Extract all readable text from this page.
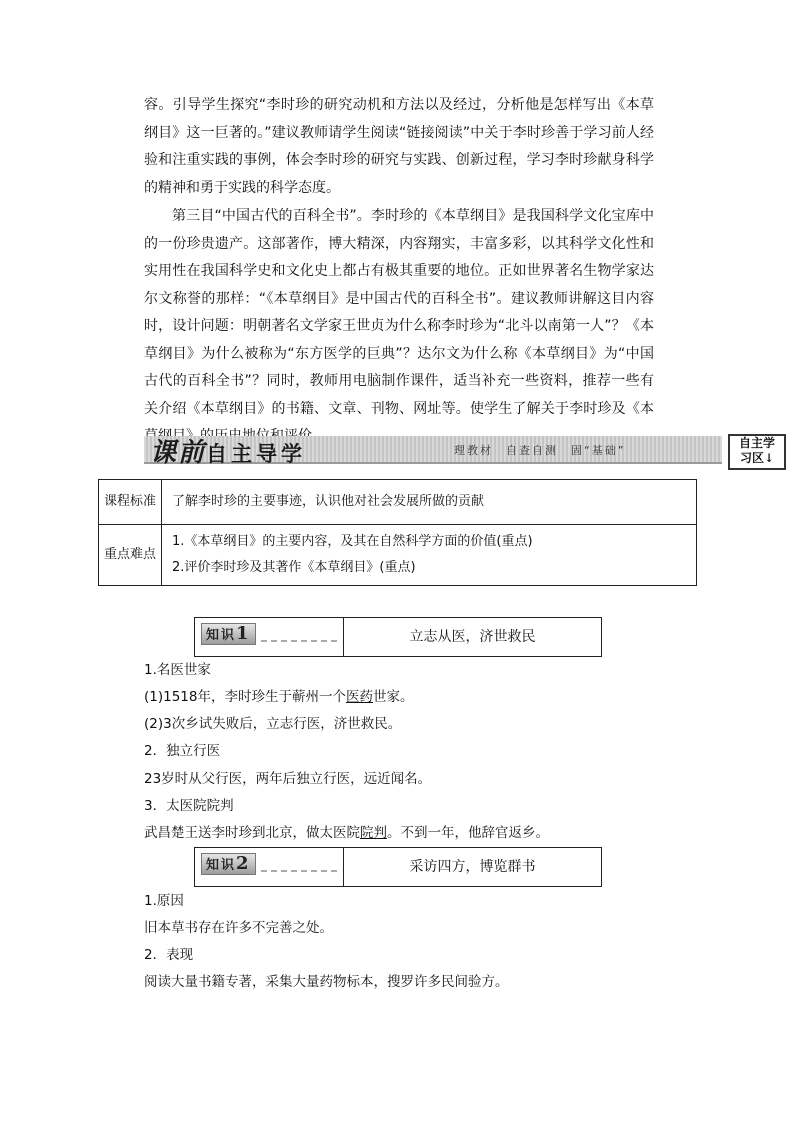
容。引导学生探究“李时珍的研究动机和方法以及经过，分析他是怎样写出《本草纲目》这一巨著的。”建议教师请学生阅读“链接阅读”中关于李时珍善于学习前人经验和注重实践的事例，体会李时珍的研究与实践、创新过程，学习李时珍献身科学的精神和勇于实践的科学态度。

第三目“中国古代的百科全书”。李时珍的《本草纲目》是我国科学文化宝库中的一份珍贵遗产。这部著作，博大精深，内容翔实，丰富多彩，以其科学文化性和实用性在我国科学史和文化史上都占有极其重要的地位。正如世界著名生物学家达尔文称誉的那样：“《本草纲目》是中国古代的百科全书”。建议教师讲解这目内容时，设计问题：明朝著名文学家王世贞为什么称李时珍为“北斗以南第一人”？《本草纲目》为什么被称为“东方医学的巨典”？达尔文为什么称《本草纲目》为“中国古代的百科全书”？同时，教师用电脑制作课件，适当补充一些资料，推荐一些有关介绍《本草纲目》的书籍、文章、刊物、网址等。使学生了解关于李时珍及《本

课前自主导学	理教材　自查自测　固“基础”
自主学
习区↓
课程标准	了解李时珍的主要事迹，认识他对社会发展所做的贡献
重点难点	1.《本草纲目》的主要内容，及其在自然科学方面的价值(重点)
2.评价李时珍及其著作《本草纲目》(重点)
知识1	立志从医，济世救民

1.名医世家

(1)1518年，李时珍生于蕲州一个医药世家。

(2)3次乡试失败后，立志行医，济世救民。

2．独立行医

23岁时从父行医，两年后独立行医，远近闻名。

3．太医院院判

武昌楚王送李时珍到北京，做太医院院判。不到一年，他辞官返乡。

知识2	采访四方，博览群书

1.原因

旧本草书存在许多不完善之处。

2．表现

阅读大量书籍专著，采集大量药物标本，搜罗许多民间验方。
